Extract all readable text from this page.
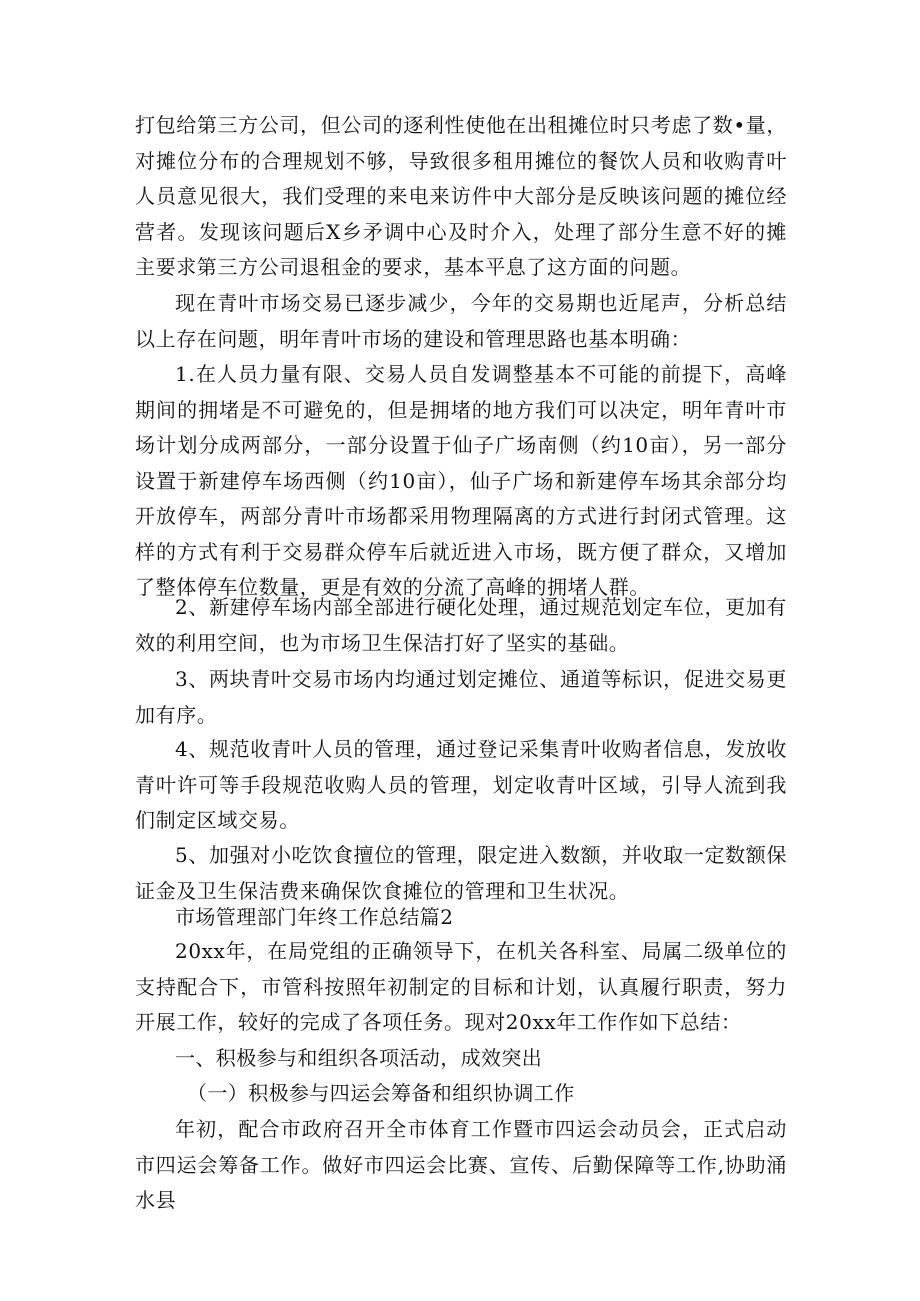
打包给第三方公司，但公司的逐利性使他在出租摊位时只考虑了数•量，对摊位分布的合理规划不够，导致很多租用摊位的餐饮人员和收购青叶人员意见很大，我们受理的来电来访件中大部分是反映该问题的摊位经营者。发现该问题后X乡矛调中心及时介入，处理了部分生意不好的摊主要求第三方公司退租金的要求，基本平息了这方面的问题。

现在青叶市场交易已逐步减少，今年的交易期也近尾声，分析总结以上存在问题，明年青叶市场的建设和管理思路也基本明确：

1.在人员力量有限、交易人员自发调整基本不可能的前提下，高峰期间的拥堵是不可避免的，但是拥堵的地方我们可以决定，明年青叶市场计划分成两部分，一部分设置于仙子广场南侧（约10亩），另一部分设置于新建停车场西侧（约10亩），仙子广场和新建停车场其余部分均开放停车，两部分青叶市场都采用物理隔离的方式进行封闭式管理。这样的方式有利于交易群众停车后就近进入市场，既方便了群众，又增加了整体停车位数量，更是有效的分流了高峰的拥堵人群。

2、新建停车场内部全部进行硬化处理，通过规范划定车位，更加有效的利用空间，也为市场卫生保洁打好了坚实的基础。

3、两块青叶交易市场内均通过划定摊位、通道等标识，促进交易更加有序。

4、规范收青叶人员的管理，通过登记采集青叶收购者信息，发放收青叶许可等手段规范收购人员的管理，划定收青叶区域，引导人流到我们制定区域交易。

5、加强对小吃饮食擅位的管理，限定进入数额，并收取一定数额保证金及卫生保洁费来确保饮食摊位的管理和卫生状况。

市场管理部门年终工作总结篇2

20xx年，在局党组的正确领导下，在机关各科室、局属二级单位的支持配合下，市管科按照年初制定的目标和计划，认真履行职责，努力开展工作，较好的完成了各项任务。现对20xx年工作作如下总结：

一、积极参与和组织各项活动，成效突出

（一）积极参与四运会筹备和组织协调工作

年初，配合市政府召开全市体育工作暨市四运会动员会，正式启动市四运会筹备工作。做好市四运会比赛、宣传、后勤保障等工作,协助涌水县
